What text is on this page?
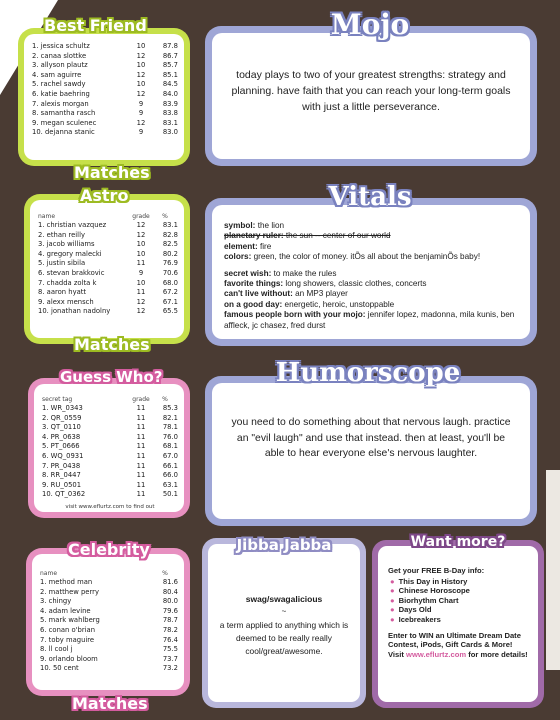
1. jessica schultz	10	87.8
2. canaa slottke	12	86.7
3. allyson plautz	10	85.7
4. sam aguirre	12	85.1
5. rachel sawdy	10	84.5
6. katie baehring	12	84.0
7. alexis morgan	9	83.9
8. samantha rasch	9	83.8
9. megan sculenec	12	83.1
10. dejanna stanic	9	83.0
Best Friend
Matches
name	grade	%
1. christian vazquez	12	83.1
2. ethan reilly	12	82.8
3. jacob williams	10	82.5
4. gregory malecki	10	80.2
5. justin sibila	11	76.9
6. stevan brakkovic	9	70.6
7. chadda zolta k	10	68.0
8. aaron hyatt	11	67.2
9. alexx mensch	12	67.1
10. jonathan nadolny	12	65.5
Astro
Matches
secret tag	grade	%
1. WR_0343	11	85.3
2. QR_0559	11	82.1
3. QT_0110	11	78.1
4. PR_0638	11	76.0
5. PT_0666	11	68.1
6. WQ_0931	11	67.0
7. PR_0438	11	66.1
8. RR_0447	11	66.0
9. RU_0501	11	63.1
10. QT_0362	11	50.1
visit www.eflurtz.com to find out
Guess Who?
name	%
1. method man	81.6
2. matthew perry	80.4
3. chingy	80.0
4. adam levine	79.6
5. mark wahlberg	78.7
6. conan o'brian	78.2
7. toby maguire	76.4
8. ll cool j	75.5
9. orlando bloom	73.7
10. 50 cent	73.2
Celebrity
Matches
today plays to two of your greatest strengths: strategy and planning. have faith that you can reach your long-term goals with just a little perseverance.
Mojo
symbol: the lion
planetary ruler: the sun -- center of our world
element: fire
colors: green, the color of money. itÕs all about the benjaminÕs baby!
secret wish: to make the rules
favorite things: long showers, classic clothes, concerts
can't live without: an MP3 player
on a good day: energetic, heroic, unstoppable
famous people born with your mojo: jennifer lopez, madonna, mila kunis, ben affleck, jc chasez, fred durst
Vitals
you need to do something about that nervous laugh. practice an "evil laugh" and use that instead. then at least, you'll be able to hear everyone else's nervous laughter.
Humorscope
swag/swagalicious
~
a term applied to anything which is deemed to be really really cool/great/awesome.
Jibba Jabba

Get your FREE B-Day info:

● This Day in History
● Chinese Horoscope
● Biorhythm Chart
● Days Old
● Icebreakers

Enter to WIN an Ultimate Dream Date Contest, iPods, Gift Cards & More!

Visit www.eflurtz.com for more details!

Want more?
